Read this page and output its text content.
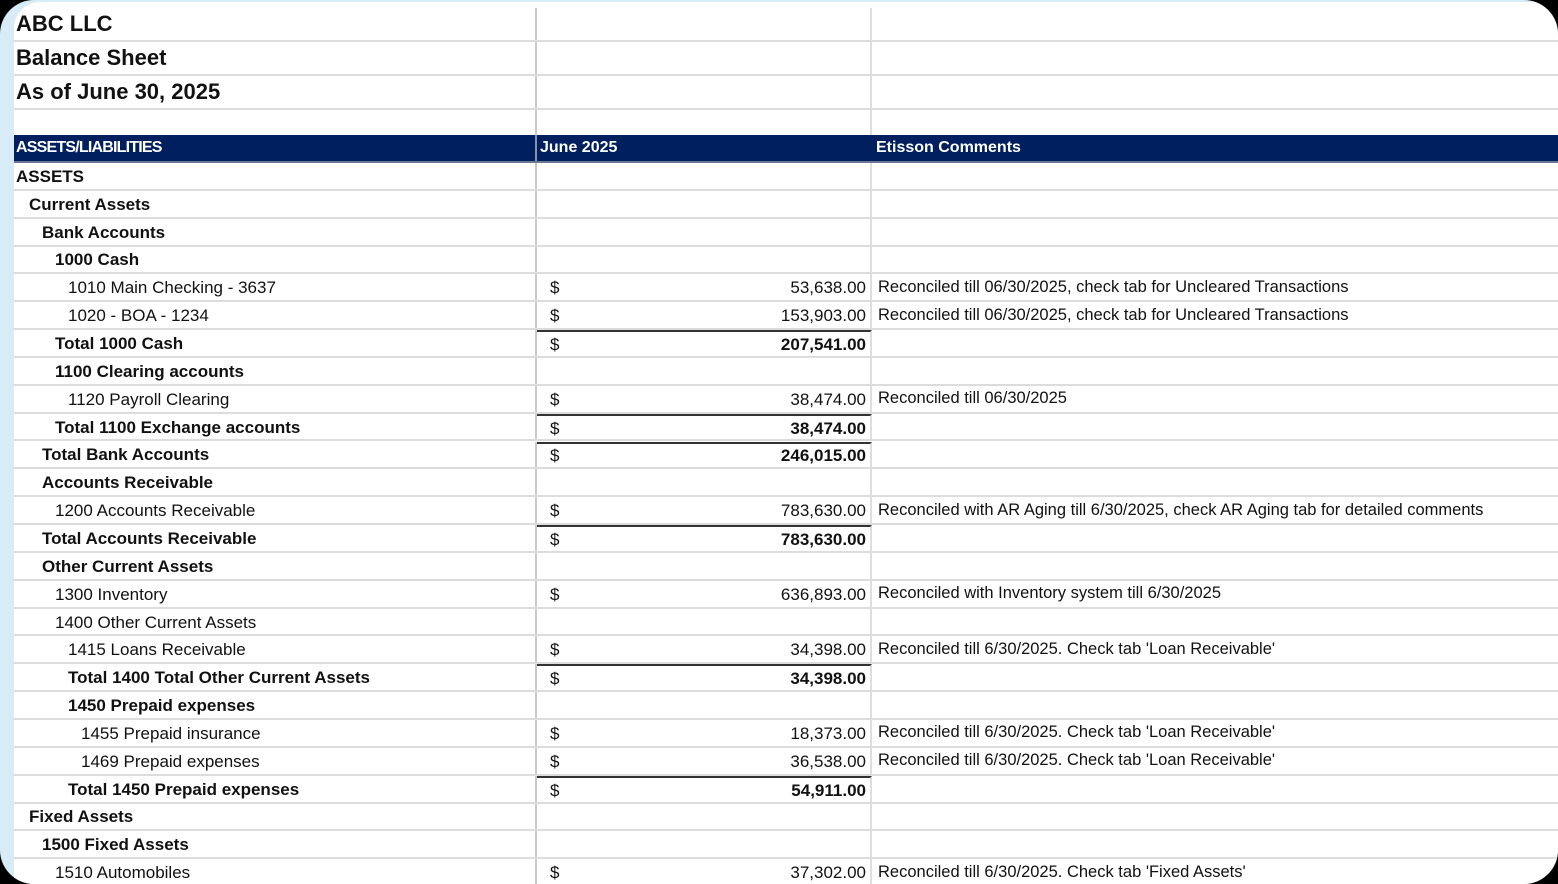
ABC LLC
Balance Sheet
As of June 30, 2025
ASSETS/LIABILITIES	June 2025	Etisson Comments
ASSETS
Current Assets
Bank Accounts
1000 Cash
1010 Main Checking - 3637	$	53,638.00 Reconciled till 06/30/2025, check tab for Uncleared Transactions
1020 - BOA - 1234	$	153,903.00 Reconciled till 06/30/2025, check tab for Uncleared Transactions
Total 1000 Cash	$	207,541.00
1100 Clearing accounts
1120 Payroll Clearing	$	38,474.00 Reconciled till 06/30/2025
Total 1100 Exchange accounts	$	38,474.00
Total Bank Accounts	$	246,015.00
Accounts Receivable
1200 Accounts Receivable	$	783,630.00 Reconciled with AR Aging till 6/30/2025, check AR Aging tab for detailed comments
Total Accounts Receivable	$	783,630.00
Other Current Assets
1300 Inventory	$	636,893.00 Reconciled with Inventory system till 6/30/2025
1400 Other Current Assets
1415 Loans Receivable	$	34,398.00 Reconciled till 6/30/2025. Check tab 'Loan Receivable'
Total 1400 Total Other Current Assets	$	34,398.00
1450 Prepaid expenses
1455 Prepaid insurance	$	18,373.00 Reconciled till 6/30/2025. Check tab 'Loan Receivable'
1469 Prepaid expenses	$	36,538.00 Reconciled till 6/30/2025. Check tab 'Loan Receivable'
Total 1450 Prepaid expenses	$	54,911.00
Fixed Assets
1500 Fixed Assets
1510 Automobiles	$	37,302.00 Reconciled till 6/30/2025. Check tab 'Fixed Assets'
